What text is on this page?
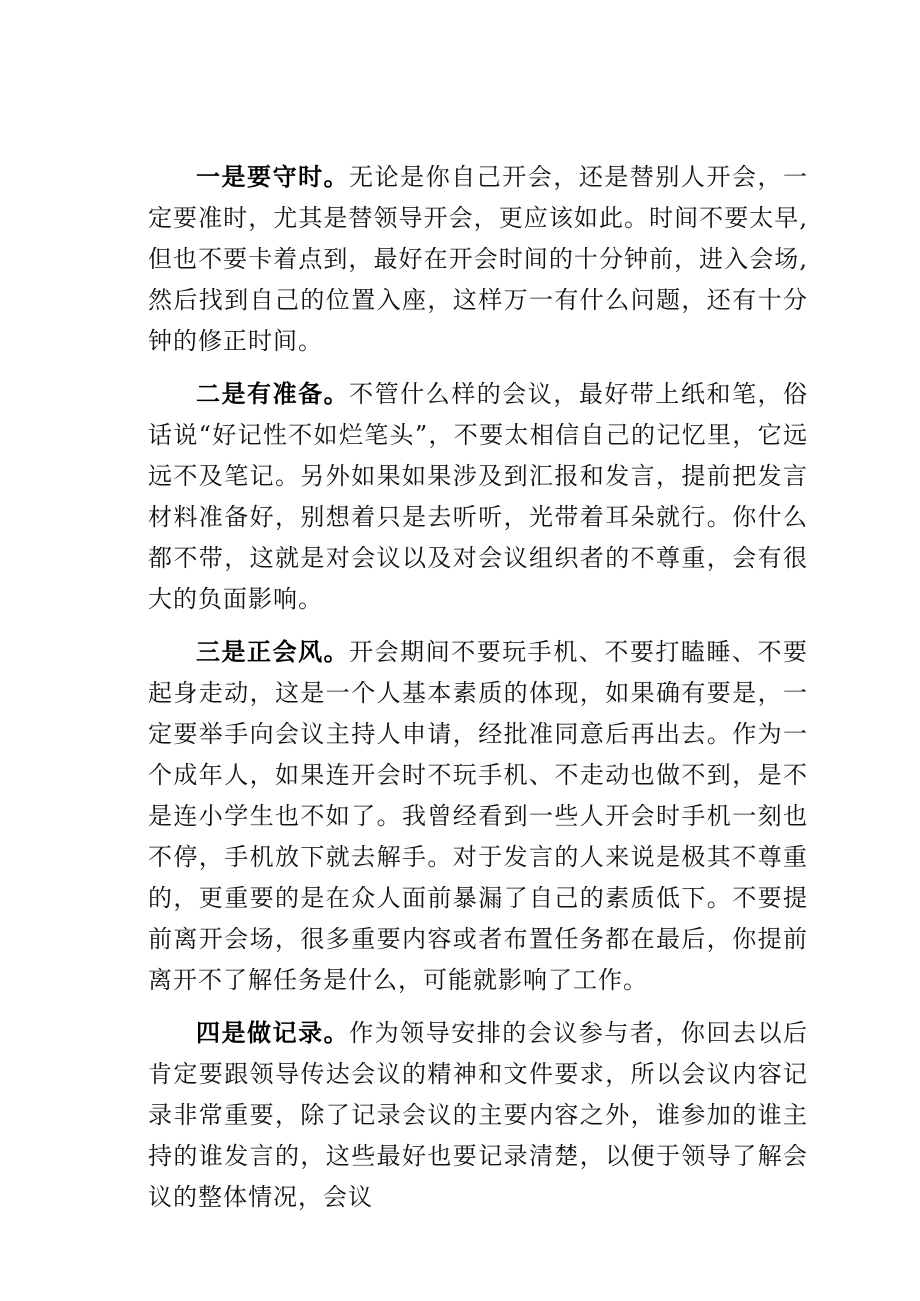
一是要守时。无论是你自己开会，还是替别人开会，一定要准时，尤其是替领导开会，更应该如此。时间不要太早,但也不要卡着点到，最好在开会时间的十分钟前，进入会场,然后找到自己的位置入座，这样万一有什么问题，还有十分钟的修正时间。

二是有准备。不管什么样的会议，最好带上纸和笔，俗话说“好记性不如烂笔头”，不要太相信自己的记忆里，它远远不及笔记。另外如果如果涉及到汇报和发言，提前把发言材料准备好，别想着只是去听听，光带着耳朵就行。你什么都不带，这就是对会议以及对会议组织者的不尊重，会有很大的负面影响。

三是正会风。开会期间不要玩手机、不要打瞌睡、不要起身走动，这是一个人基本素质的体现，如果确有要是，一定要举手向会议主持人申请，经批准同意后再出去。作为一个成年人，如果连开会时不玩手机、不走动也做不到，是不是连小学生也不如了。我曾经看到一些人开会时手机一刻也不停，手机放下就去解手。对于发言的人来说是极其不尊重的，更重要的是在众人面前暴漏了自己的素质低下。不要提前离开会场，很多重要内容或者布置任务都在最后，你提前离开不了解任务是什么，可能就影响了工作。

四是做记录。作为领导安排的会议参与者，你回去以后肯定要跟领导传达会议的精神和文件要求，所以会议内容记录非常重要，除了记录会议的主要内容之外，谁参加的谁主持的谁发言的，这些最好也要记录清楚，以便于领导了解会议的整体情况，会议
